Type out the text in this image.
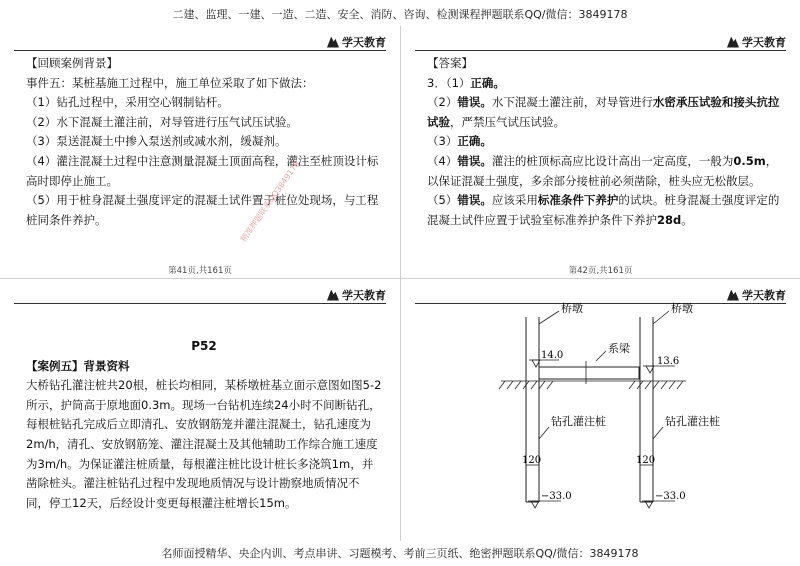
二建、监理、一建、一造、二造、安全、消防、咨询、检测课程押题联系QQ/微信：3849178
学天教育

【回顾案例背景】

事件五：某桩基施工过程中，施工单位采取了如下做法：

（1）钻孔过程中，采用空心钢制钻杆。

（2）水下混凝土灌注前，对导管进行压气试压试验。

（3）泵送混凝土中掺入泵送剂或减水剂，缓凝剂。

（4）灌注混凝土过程中注意测量混凝土顶面高程，灌注至桩顶设计标高时即停止施工。

（5）用于桩身混凝土强度评定的混凝土试件置于桩位处现场，与工程桩同条件养护。	精准押题联系QQ3849178
第41页,共161页
学天教育

【答案】

3．（1）正确。

（2）错误。水下混凝土灌注前，对导管进行水密承压试验和接头抗拉试验，严禁压气试压试验。

（3）正确。

（4）错误。灌注的桩顶标高应比设计高出一定高度，一般为0.5m，以保证混凝土强度，多余部分接桩前必须凿除，桩头应无松散层。

（5）错误。应该采用标准条件下养护的试块。桩身混凝土强度评定的混凝土试件应置于试验室标准养护条件下养护28d。

第42页,共161页
学天教育

P52

【案例五】背景资料

大桥钻孔灌注桩共20根，桩长均相同，某桥墩桩基立面示意图如图5-2所示，护筒高于原地面0.3m。现场一台钻机连续24小时不间断钻孔，每根桩钻孔完成后立即清孔、安放钢筋笼并灌注混凝土，钻孔速度为2m/h，清孔、安放钢筋笼、灌注混凝土及其他辅助工作综合施工速度为3m/h。为保证灌注桩质量，每根灌注桩比设计桩长多浇筑1m，并凿除桩头。灌注桩钻孔过程中发现地质情况与设计勘察地质情况不同，停工12天，后经设计变更每根灌注桩增长15m。

学天教育
桥墩	桥墩
系梁
14.0
13.6
钻孔灌注桩	钻孔灌注桩
120	120
−33.0	−33.0
名师面授精华、央企内训、考点串讲、习题模考、考前三页纸、绝密押题联系QQ/微信：3849178
